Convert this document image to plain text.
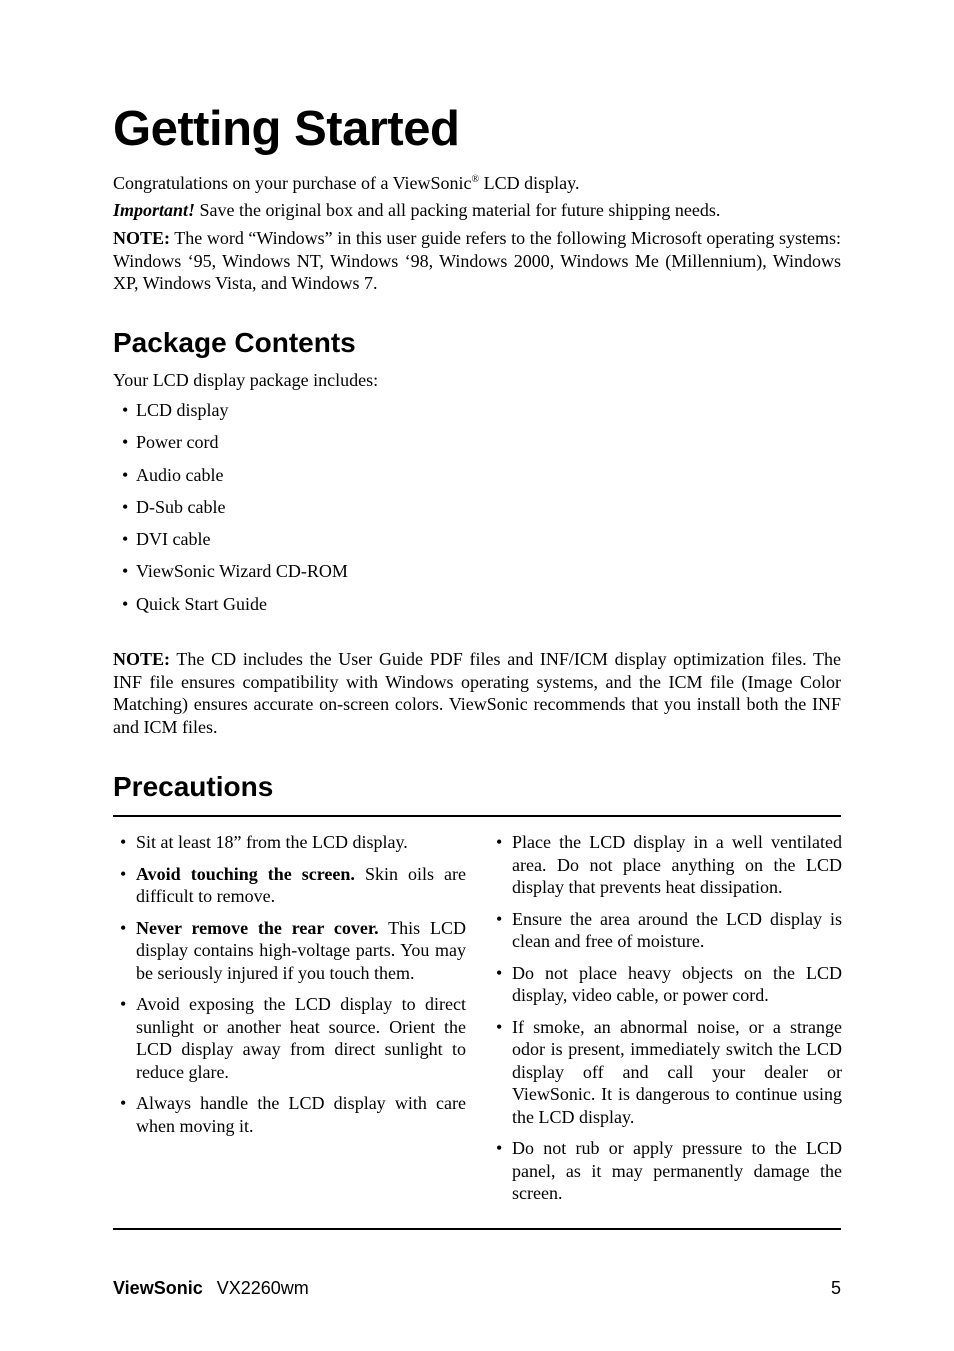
Getting Started

Congratulations on your purchase of a ViewSonic® LCD display.

Important! Save the original box and all packing material for future shipping needs.

NOTE: The word “Windows” in this user guide refers to the following Microsoft operating systems: Windows ‘95, Windows NT, Windows ‘98, Windows 2000, Windows Me (Millennium), Windows XP, Windows Vista, and Windows 7.

Package Contents

Your LCD display package includes:

• LCD display
• Power cord
• Audio cable
• D-Sub cable
• DVI cable
• ViewSonic Wizard CD-ROM
• Quick Start Guide

NOTE: The CD includes the User Guide PDF files and INF/ICM display optimization files. The INF file ensures compatibility with Windows operating systems, and the ICM file (Image Color Matching) ensures accurate on-screen colors. ViewSonic recommends that you install both the INF and ICM files.

Precautions
• Sit at least 18” from the LCD display.
• Avoid touching the screen. Skin oils are difficult to remove.
• Never remove the rear cover. This LCD display contains high-voltage parts. You may be seriously injured if you touch them.
• Avoid exposing the LCD display to direct sunlight or another heat source. Orient the LCD display away from direct sunlight to reduce glare.
• Always handle the LCD display with care when moving it.
• Place the LCD display in a well ventilated area. Do not place anything on the LCD display that prevents heat dissipation.
• Ensure the area around the LCD display is clean and free of moisture.
• Do not place heavy objects on the LCD display, video cable, or power cord.
• If smoke, an abnormal noise, or a strange odor is present, immediately switch the LCD display off and call your dealer or ViewSonic. It is dangerous to continue using the LCD display.
• Do not rub or apply pressure to the LCD panel, as it may permanently damage the screen.
ViewSonic VX2260wm	5
